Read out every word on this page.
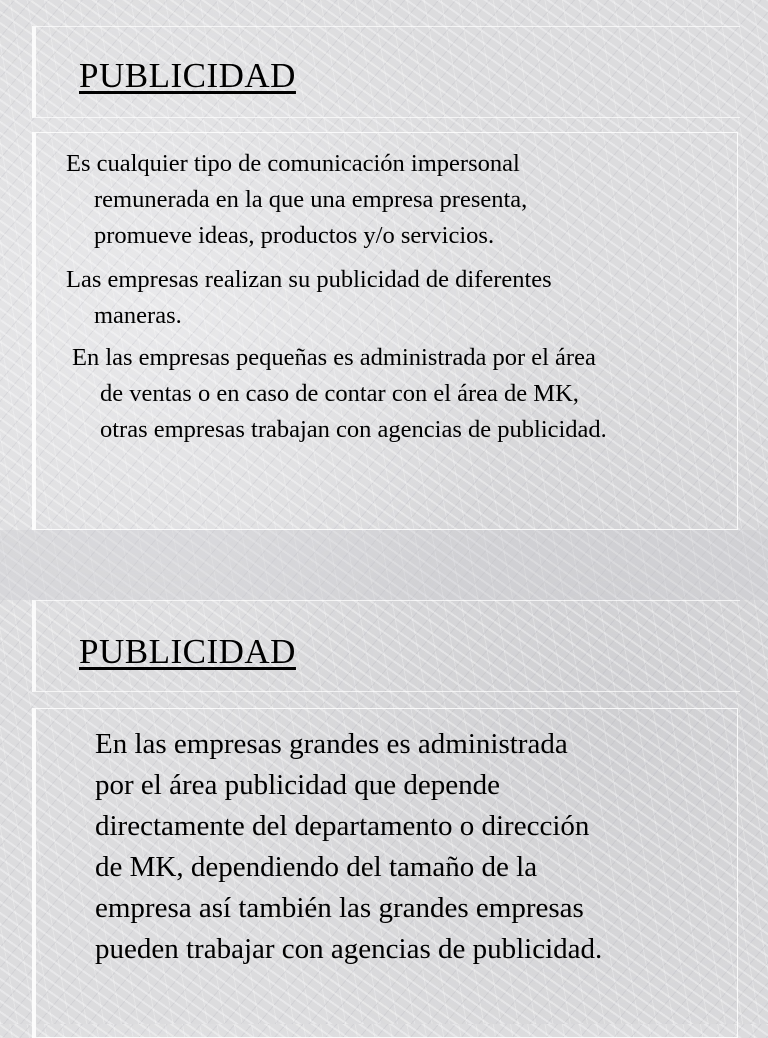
PUBLICIDAD

Es cualquier tipo de comunicación impersonal
remunerada en la que una empresa presenta,
promueve ideas, productos y/o servicios.

Las empresas realizan su publicidad de diferentes
maneras.

En las empresas pequeñas es administrada por el área
de ventas o en caso de contar con el área de MK,
otras empresas trabajan con agencias de publicidad.

PUBLICIDAD

En las empresas grandes es administrada
por el área publicidad que depende
directamente del departamento o dirección
de MK, dependiendo del tamaño de la
empresa así también las grandes empresas
pueden trabajar con agencias de publicidad.
